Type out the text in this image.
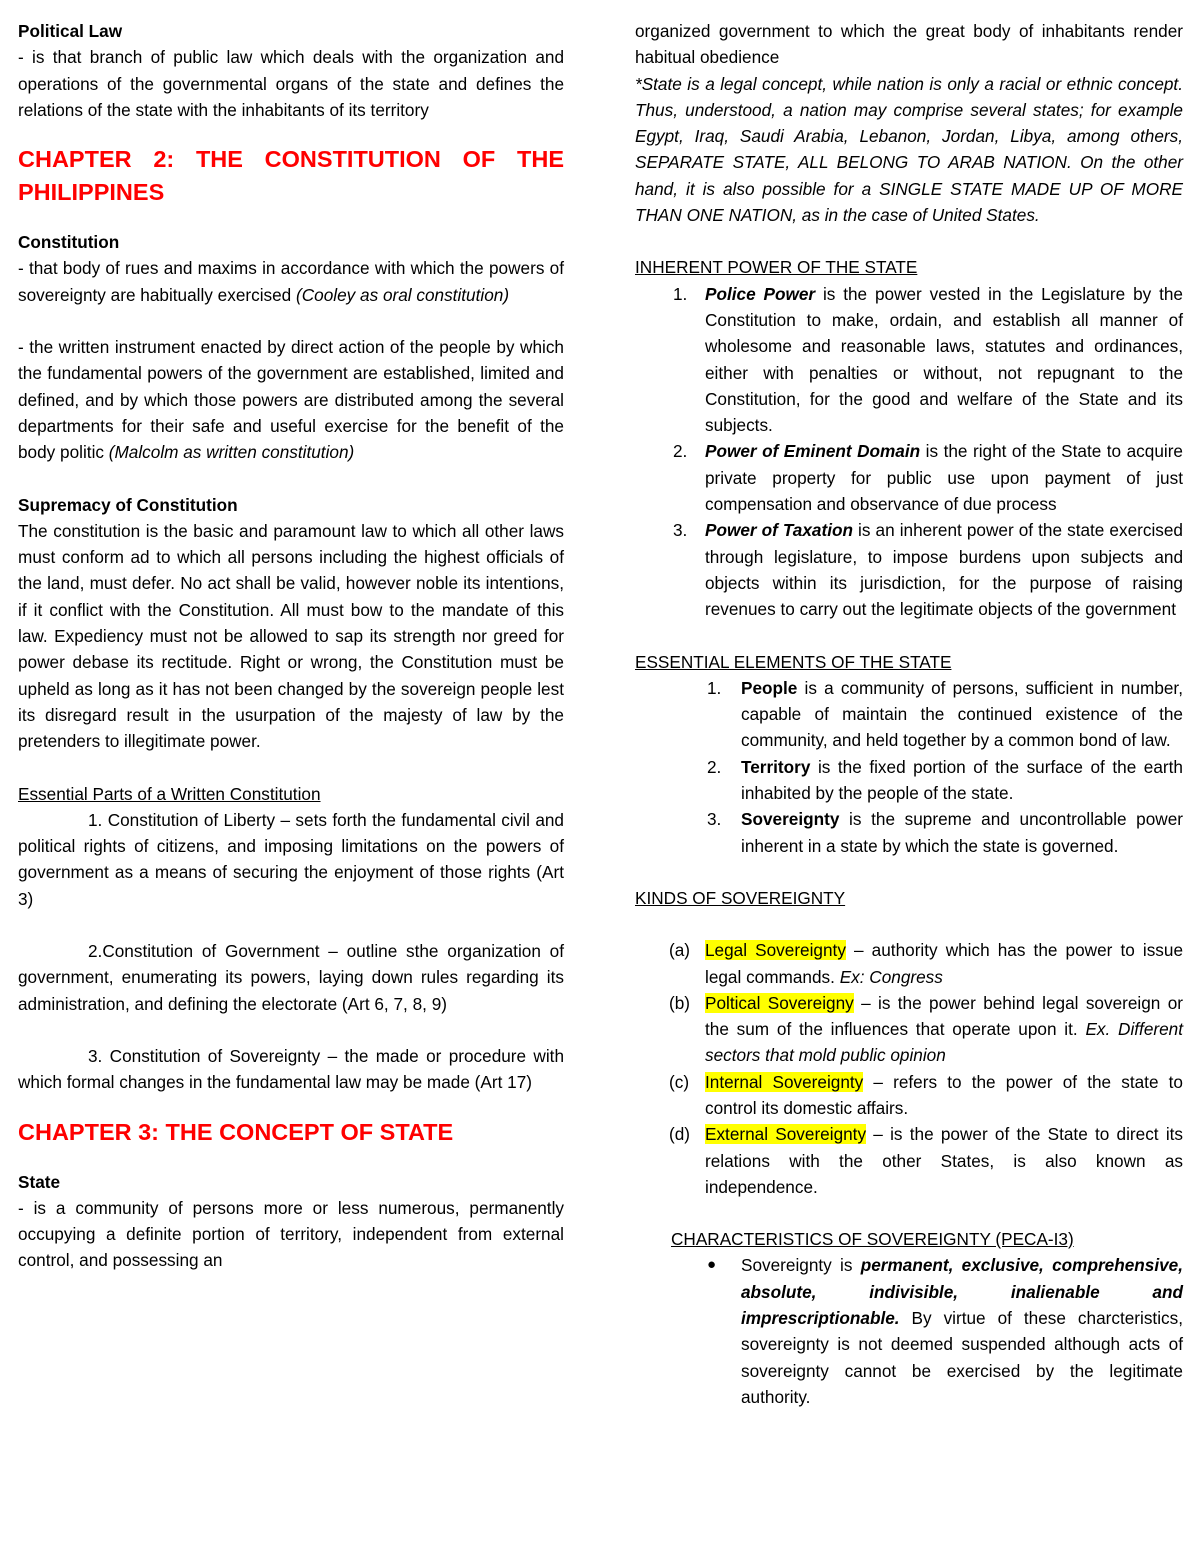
Political Law

- is that branch of public law which deals with the organization and operations of the governmental organs of the state and defines the relations of the state with the inhabitants of its territory

CHAPTER 2: THE CONSTITUTION OF THE PHILIPPINES

Constitution

- that body of rues and maxims in accordance with which the powers of sovereignty are habitually exercised (Cooley as oral constitution)

- the written instrument enacted by direct action of the people by which the fundamental powers of the government are established, limited and defined, and by which those powers are distributed among the several departments for their safe and useful exercise for the benefit of the body politic (Malcolm as written constitution)

Supremacy of Constitution

The constitution is the basic and paramount law to which all other laws must conform ad to which all persons including the highest officials of the land, must defer. No act shall be valid, however noble its intentions, if it conflict with the Constitution. All must bow to the mandate of this law. Expediency must not be allowed to sap its strength nor greed for power debase its rectitude. Right or wrong, the Constitution must be upheld as long as it has not been changed by the sovereign people lest its disregard result in the usurpation of the majesty of law by the pretenders to illegitimate power.

Essential Parts of a Written Constitution

1. Constitution of Liberty – sets forth the fundamental civil and political rights of citizens, and imposing limitations on the powers of government as a means of securing the enjoyment of those rights (Art 3)

2.Constitution of Government – outline sthe organization of government, enumerating its powers, laying down rules regarding its administration, and defining the electorate (Art 6, 7, 8, 9)

3. Constitution of Sovereignty – the made or procedure with which formal changes in the fundamental law may be made (Art 17)

CHAPTER 3: THE CONCEPT OF STATE

State

- is a community of persons more or less numerous, permanently occupying a definite portion of territory, independent from external control, and possessing an

organized government to which the great body of inhabitants render habitual obedience

*State is a legal concept, while nation is only a racial or ethnic concept. Thus, understood, a nation may comprise several states; for example Egypt, Iraq, Saudi Arabia, Lebanon, Jordan, Libya, among others, SEPARATE STATE, ALL BELONG TO ARAB NATION. On the other hand, it is also possible for a SINGLE STATE MADE UP OF MORE THAN ONE NATION, as in the case of United States.

INHERENT POWER OF THE STATE

1. Police Power is the power vested in the Legislature by the Constitution to make, ordain, and establish all manner of wholesome and reasonable laws, statutes and ordinances, either with penalties or without, not repugnant to the Constitution, for the good and welfare of the State and its subjects.

2. Power of Eminent Domain is the right of the State to acquire private property for public use upon payment of just compensation and observance of due process

3. Power of Taxation is an inherent power of the state exercised through legislature, to impose burdens upon subjects and objects within its jurisdiction, for the purpose of raising revenues to carry out the legitimate objects of the government

ESSENTIAL ELEMENTS OF THE STATE

1. People is a community of persons, sufficient in number, capable of maintain the continued existence of the community, and held together by a common bond of law.

2. Territory is the fixed portion of the surface of the earth inhabited by the people of the state.

3. Sovereignty is the supreme and uncontrollable power inherent in a state by which the state is governed.

KINDS OF SOVEREIGNTY

(a) Legal Sovereignty – authority which has the power to issue legal commands. Ex: Congress

(b) Poltical Sovereigny – is the power behind legal sovereign or the sum of the influences that operate upon it. Ex. Different sectors that mold public opinion

(c) Internal Sovereignty – refers to the power of the state to control its domestic affairs.

(d) External Sovereignty – is the power of the State to direct its relations with the other States, is also known as independence.

CHARACTERISTICS OF SOVEREIGNTY (PECA-I3)

● Sovereignty is permanent, exclusive, comprehensive, absolute, indivisible, inalienable and imprescriptionable. By virtue of these charcteristics, sovereignty is not deemed suspended although acts of sovereignty cannot be exercised by the legitimate authority.
